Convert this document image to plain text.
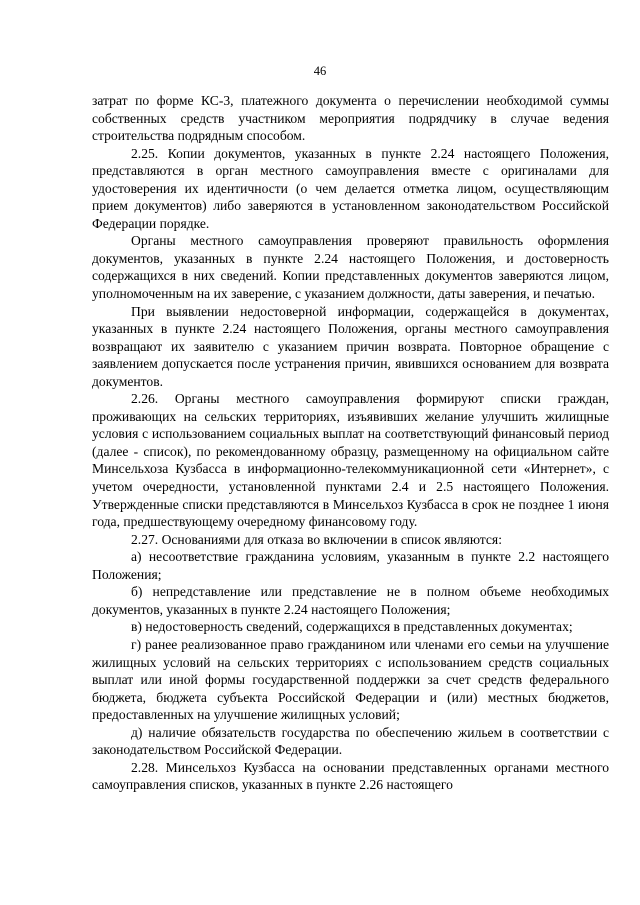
46

затрат по форме КС-3, платежного документа о перечислении необходимой суммы собственных средств участником мероприятия подрядчику в случае ведения строительства подрядным способом.

2.25. Копии документов, указанных в пункте 2.24 настоящего Положения, представляются в орган местного самоуправления вместе с оригиналами для удостоверения их идентичности (о чем делается отметка лицом, осуществляющим прием документов) либо заверяются в установленном законодательством Российской Федерации порядке.

Органы местного самоуправления проверяют правильность оформления документов, указанных в пункте 2.24 настоящего Положения, и достоверность содержащихся в них сведений. Копии представленных документов заверяются лицом, уполномоченным на их заверение, с указанием должности, даты заверения, и печатью.

При выявлении недостоверной информации, содержащейся в документах, указанных в пункте 2.24 настоящего Положения, органы местного самоуправления возвращают их заявителю с указанием причин возврата. Повторное обращение с заявлением допускается после устранения причин, явившихся основанием для возврата документов.

2.26. Органы местного самоуправления формируют списки граждан, проживающих на сельских территориях, изъявивших желание улучшить жилищные условия с использованием социальных выплат на соответствующий финансовый период (далее - список), по рекомендованному образцу, размещенному на официальном сайте Минсельхоза Кузбасса в информационно-телекоммуникационной сети «Интернет», с учетом очередности, установленной пунктами 2.4 и 2.5 настоящего Положения. Утвержденные списки представляются в Минсельхоз Кузбасса в срок не позднее 1 июня года, предшествующему очередному финансовому году.

2.27. Основаниями для отказа во включении в список являются:

а) несоответствие гражданина условиям, указанным в пункте 2.2 настоящего Положения;

б) непредставление или представление не в полном объеме необходимых документов, указанных в пункте 2.24 настоящего Положения;

в) недостоверность сведений, содержащихся в представленных документах;

г) ранее реализованное право гражданином или членами его семьи на улучшение жилищных условий на сельских территориях с использованием средств социальных выплат или иной формы государственной поддержки за счет средств федерального бюджета, бюджета субъекта Российской Федерации и (или) местных бюджетов, предоставленных на улучшение жилищных условий;

д) наличие обязательств государства по обеспечению жильем в соответствии с законодательством Российской Федерации.

2.28. Минсельхоз Кузбасса на основании представленных органами местного самоуправления списков, указанных в пункте 2.26 настоящего
